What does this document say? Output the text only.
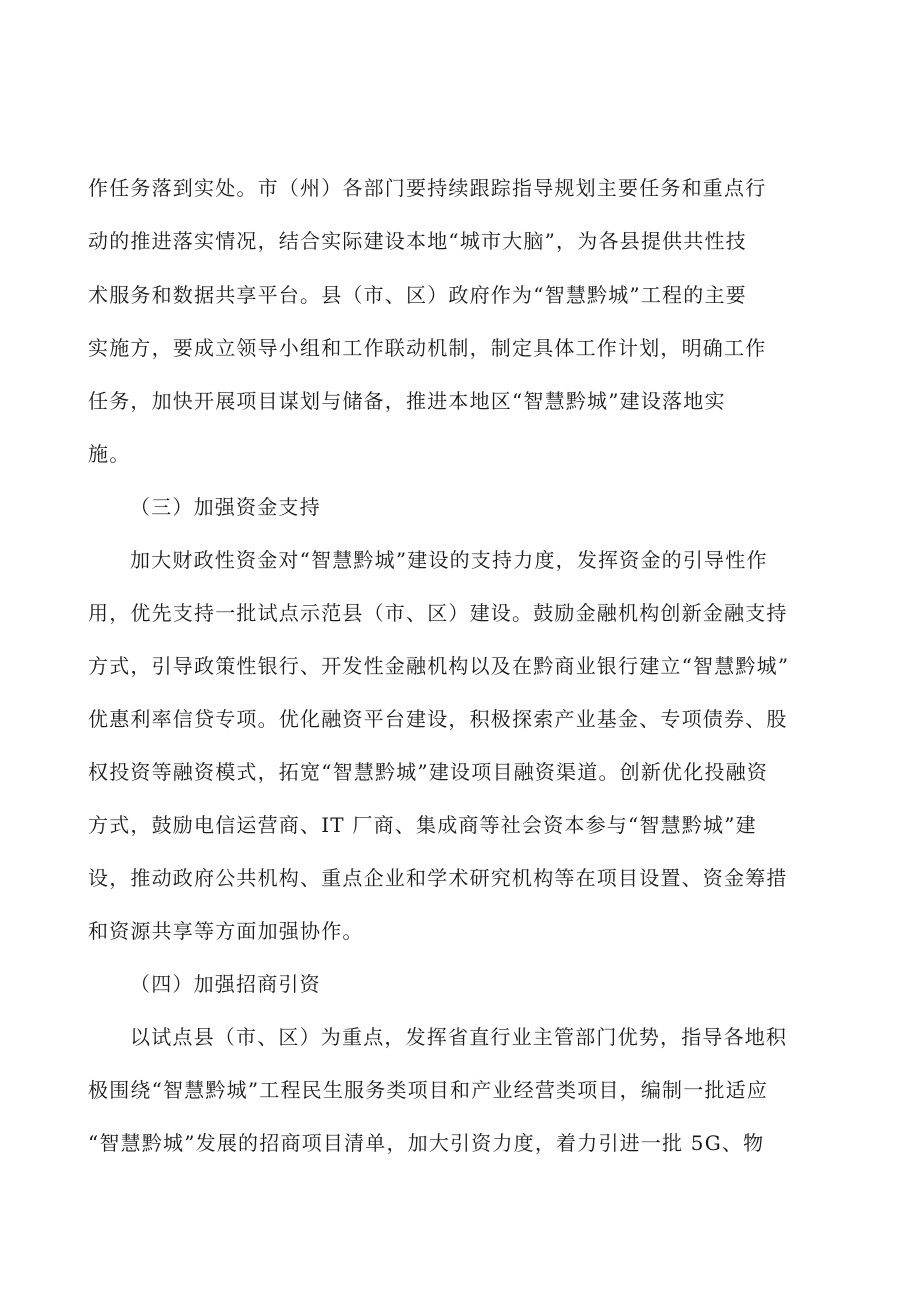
作任务落到实处。市（州）各部门要持续跟踪指导规划主要任务和重点行
动的推进落实情况，结合实际建设本地“城市大脑”，为各县提供共性技
术服务和数据共享平台。县（市、区）政府作为“智慧黔城”工程的主要
实施方，要成立领导小组和工作联动机制，制定具体工作计划，明确工作
任务，加快开展项目谋划与储备，推进本地区“智慧黔城”建设落地实
施。
（三）加强资金支持
加大财政性资金对“智慧黔城”建设的支持力度，发挥资金的引导性作
用，优先支持一批试点示范县（市、区）建设。鼓励金融机构创新金融支持
方式，引导政策性银行、开发性金融机构以及在黔商业银行建立“智慧黔城”
优惠利率信贷专项。优化融资平台建设，积极探索产业基金、专项债券、股
权投资等融资模式，拓宽“智慧黔城”建设项目融资渠道。创新优化投融资
方式，鼓励电信运营商、IT 厂商、集成商等社会资本参与“智慧黔城”建
设，推动政府公共机构、重点企业和学术研究机构等在项目设置、资金筹措
和资源共享等方面加强协作。
（四）加强招商引资
以试点县（市、区）为重点，发挥省直行业主管部门优势，指导各地积
极围绕“智慧黔城”工程民生服务类项目和产业经营类项目，编制一批适应
“智慧黔城”发展的招商项目清单，加大引资力度，着力引进一批 5G、物
